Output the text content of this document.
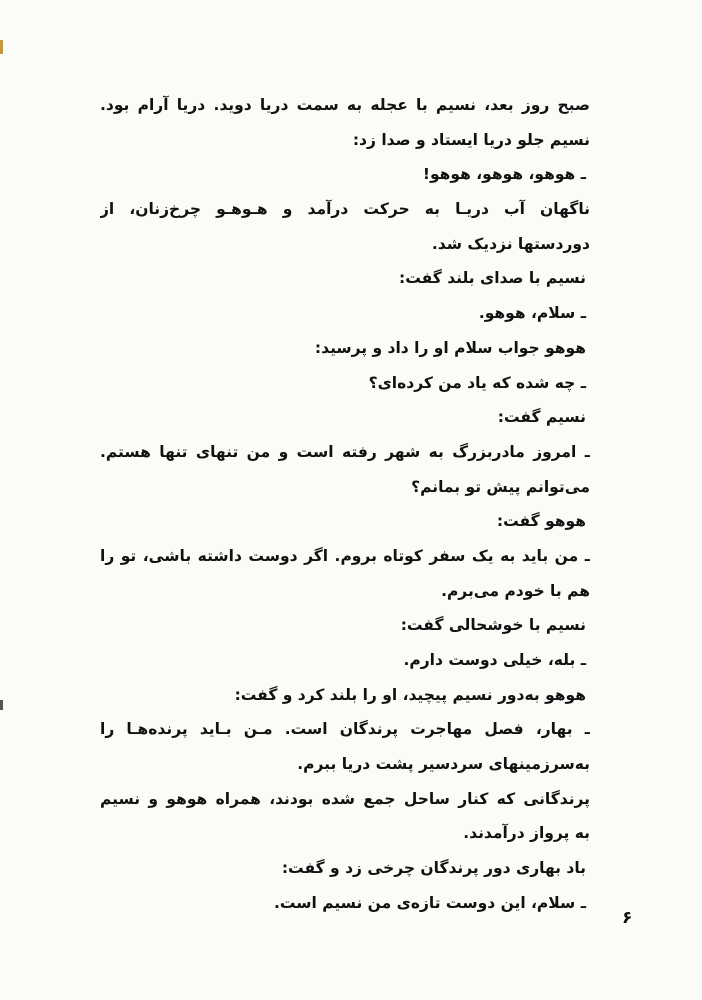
صبح روز بعد، نسیم با عجله به سمت دریا دوید. دریا آرام بود.
نسیم جلو دریا ایستاد و صدا زد:
ـ هوهو، هوهو، هوهو!
ناگهان آب دریـا به حرکت درآمد و هـوهـو چرخ‌زنان، از
دوردستها نزدیک شد.
نسیم با صدای بلند گفت:
ـ سلام، هوهو.
هوهو جواب سلام او را داد و پرسید:
ـ چه شده که یاد من کرده‌ای؟
نسیم گفت:
ـ امروز مادربزرگ به شهر رفته است و من تنهای تنها هستم.
می‌توانم پیش تو بمانم؟
هوهو گفت:
ـ من باید به یک سفر کوتاه بروم. اگر دوست داشته باشی، تو را
هم با خودم می‌برم.
نسیم با خوشحالی گفت:
ـ بله، خیلی دوست دارم.
هوهو به‌دور نسیم پیچید، او را بلند کرد و گفت:
ـ بهار، فصل مهاجرت پرندگان است. مـن بـاید پرنده‌هـا را
به‌سرزمینهای سردسیر پشت دریا ببرم.
پرندگانی که کنار ساحل جمع شده بودند، همراه هوهو و نسیم
به پرواز درآمدند.
باد بهاری دور پرندگان چرخی زد و گفت:
ـ سلام، این دوست تازه‌ی من نسیم است.
۶
